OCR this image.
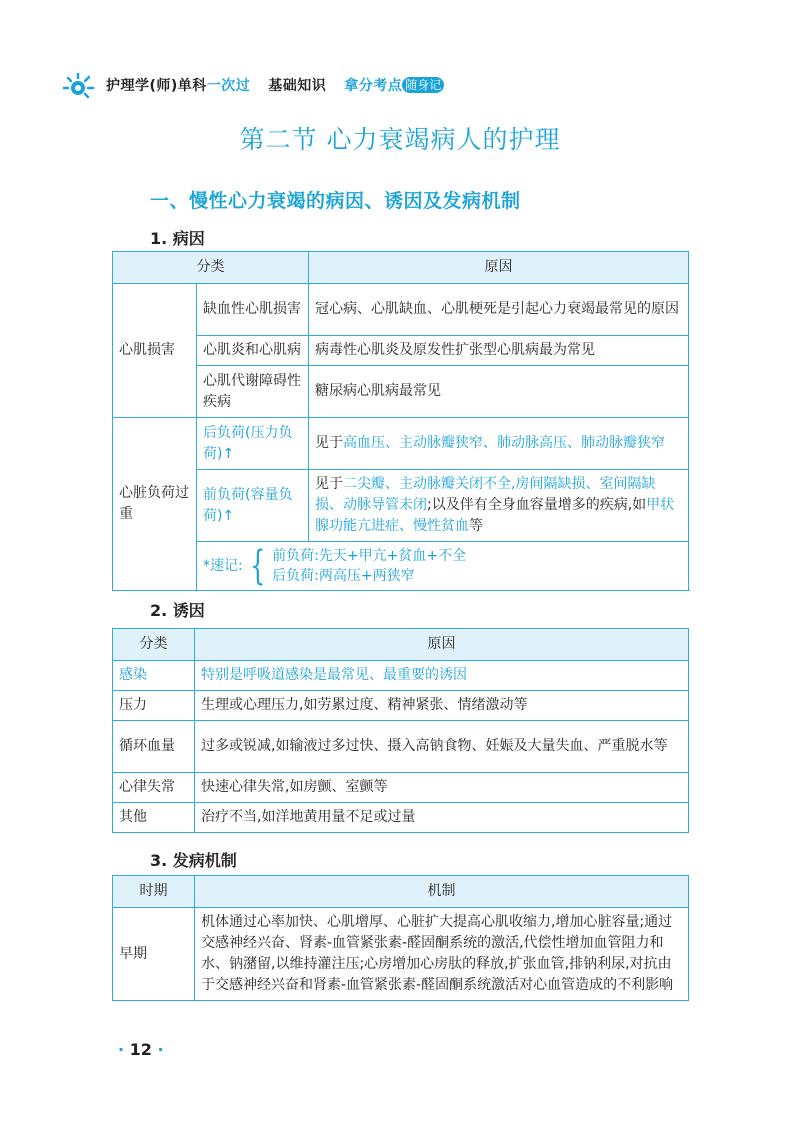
护理学(师)单科 一次过 基础知识 拿分考点 随身记
第二节 心力衰竭病人的护理
一、慢性心力衰竭的病因、诱因及发病机制
1. 病因
分类		原因	
心肌损害	缺血性心肌损害	冠心病、心肌缺血、心肌梗死是引起心力衰竭最常见的原因	
	心肌炎和心肌病	病毒性心肌炎及原发性扩张型心肌病最为常见	
	心肌代谢障碍性疾病	糖尿病心肌病最常见	
心脏负荷过重	后负荷(压力负荷)↑	见于高血压、主动脉瓣狭窄、肺动脉高压、肺动脉瓣狭窄	
	前负荷(容量负荷)↑	见于二尖瓣、主动脉瓣关闭不全,房间隔缺损、室间隔缺损、动脉导管未闭;以及伴有全身血容量增多的疾病,如甲状腺功能亢进症、慢性贫血等	

	*速记: { 前负荷:先天+甲亢+贫血+不全
后负荷:两高压+两狭窄		

2. 诱因
分类	原因
感染	特别是呼吸道感染是最常见、最重要的诱因
压力	生理或心理压力,如劳累过度、精神紧张、情绪激动等
循环血量	过多或锐减,如输液过多过快、摄入高钠食物、妊娠及大量失血、严重脱水等
心律失常	快速心律失常,如房颤、室颤等
其他	治疗不当,如洋地黄用量不足或过量
3. 发病机制
时期	机制
早期	机体通过心率加快、心肌增厚、心脏扩大提高心肌收缩力,增加心脏容量;通过交感神经兴奋、肾素-血管紧张素-醛固酮系统的激活,代偿性增加血管阻力和水、钠潴留,以维持灌注压;心房增加心房肽的释放,扩张血管,排钠利尿,对抗由于交感神经兴奋和肾素-血管紧张素-醛固酮系统激活对心血管造成的不利影响
· 12 ·
